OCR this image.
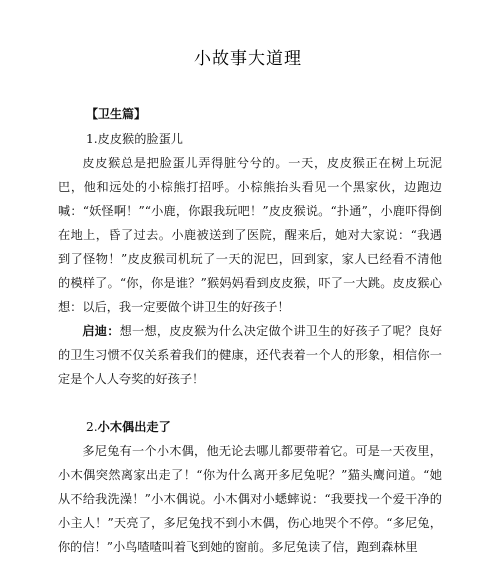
小故事大道理

【卫生篇】

1.皮皮猴的脸蛋儿

皮皮猴总是把脸蛋儿弄得脏兮兮的。一天，皮皮猴正在树上玩泥巴，他和远处的小棕熊打招呼。小棕熊抬头看见一个黑家伙，边跑边喊：“妖怪啊！”“小鹿，你跟我玩吧！”皮皮猴说。“扑通”，小鹿吓得倒在地上，昏了过去。小鹿被送到了医院，醒来后，她对大家说：“我遇到了怪物！”皮皮猴司机玩了一天的泥巴，回到家，家人已经看不清他的模样了。“你，你是谁？”猴妈妈看到皮皮猴，吓了一大跳。皮皮猴心想：以后，我一定要做个讲卫生的好孩子！

启迪：想一想，皮皮猴为什么决定做个讲卫生的好孩子了呢？良好的卫生习惯不仅关系着我们的健康，还代表着一个人的形象，相信你一定是个人人夸奖的好孩子！

2.小木偶出走了

多尼兔有一个小木偶，他无论去哪儿都要带着它。可是一天夜里，小木偶突然离家出走了！“你为什么离开多尼兔呢？”猫头鹰问道。“她从不给我洗澡！”小木偶说。小木偶对小蟋蟀说：“我要找一个爱干净的小主人！”天亮了，多尼兔找不到小木偶，伤心地哭个不停。“多尼兔，你的信！”小鸟喳喳叫着飞到她的窗前。多尼兔读了信，跑到森林里
